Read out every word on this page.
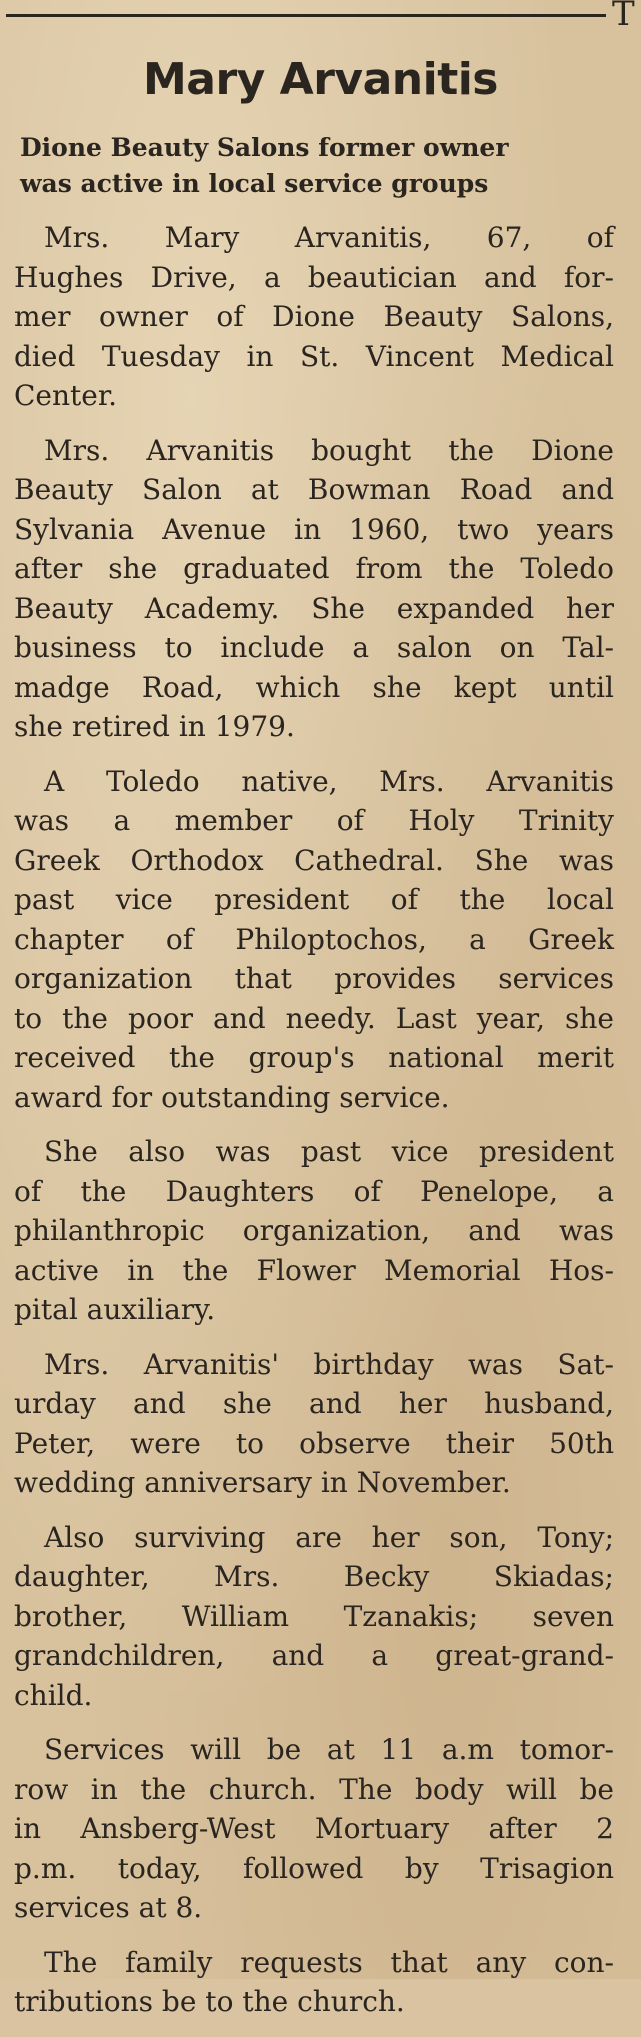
T
Mary Arvanitis
Dione Beauty Salons former owner
was active in local service groups

Mrs. Mary Arvanitis, 67, of
Hughes Drive, a beautician and for-
mer owner of Dione Beauty Salons,
died Tuesday in St. Vincent Medical
Center.

Mrs. Arvanitis bought the Dione
Beauty Salon at Bowman Road and
Sylvania Avenue in 1960, two years
after she graduated from the Toledo
Beauty Academy. She expanded her
business to include a salon on Tal-
madge Road, which she kept until
she retired in 1979.

A Toledo native, Mrs. Arvanitis
was a member of Holy Trinity
Greek Orthodox Cathedral. She was
past vice president of the local
chapter of Philoptochos, a Greek
organization that provides services
to the poor and needy. Last year, she
received the group's national merit
award for outstanding service.

She also was past vice president
of the Daughters of Penelope, a
philanthropic organization, and was
active in the Flower Memorial Hos-
pital auxiliary.

Mrs. Arvanitis' birthday was Sat-
urday and she and her husband,
Peter, were to observe their 50th
wedding anniversary in November.

Also surviving are her son, Tony;
daughter, Mrs. Becky Skiadas;
brother, William Tzanakis; seven
grandchildren, and a great-grand-
child.

Services will be at 11 a.m tomor-
row in the church. The body will be
in Ansberg-West Mortuary after 2
p.m. today, followed by Trisagion
services at 8.

The family requests that any con-
tributions be to the church.
